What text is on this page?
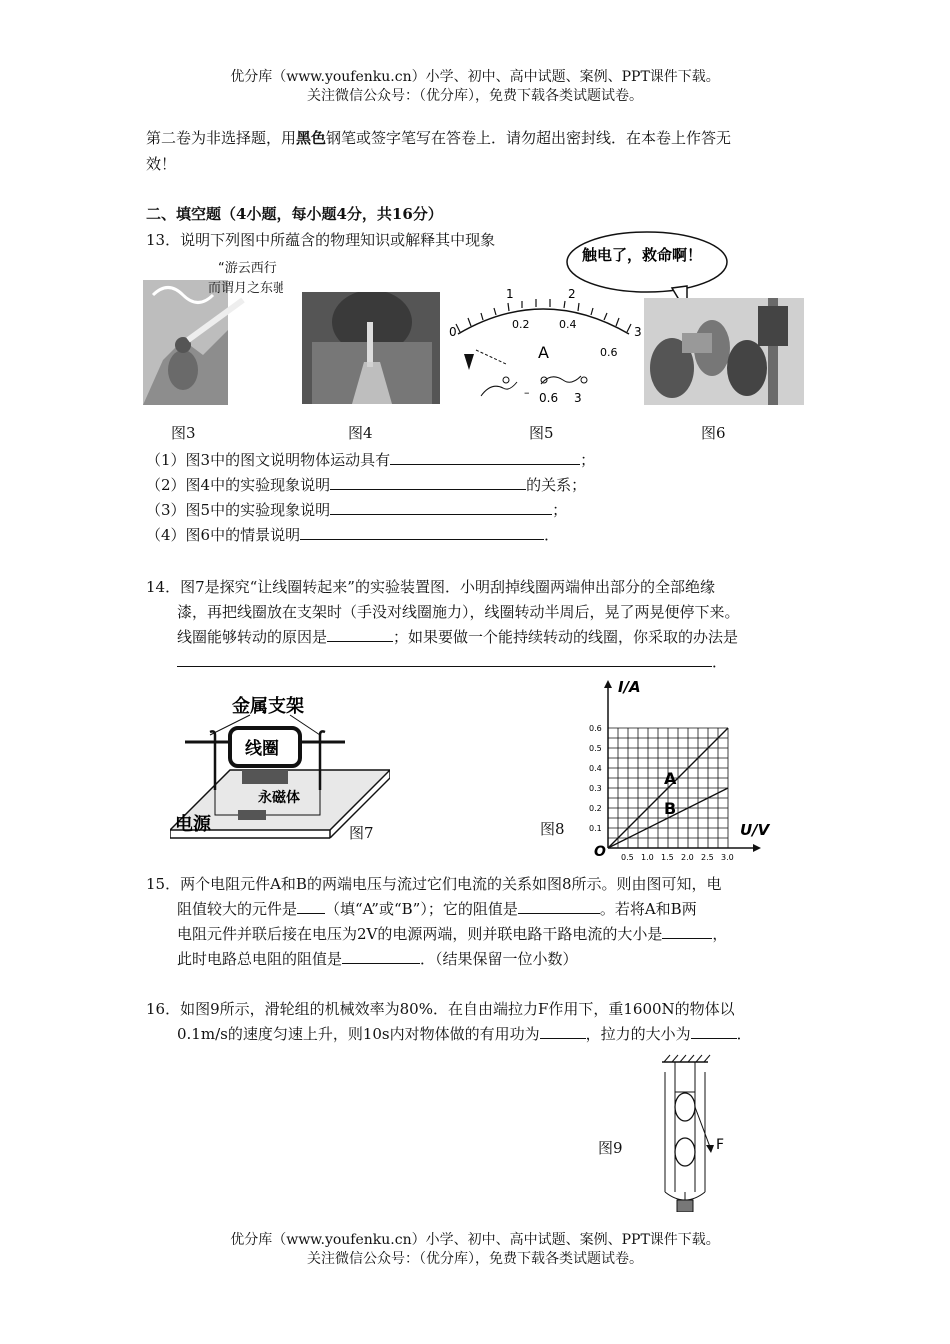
优分库（www.youfenku.cn）小学、初中、高中试题、案例、PPT课件下载。
关注微信公众号：（优分库），免费下载各类试题试卷。
第二卷为非选择题，用黑色钢笔或签字笔写在答卷上．请勿超出密封线．在本卷上作答无
效！
二、填空题（4小题，每小题4分，共16分）
13．说明下列图中所蕴含的物理知识或解释其中现象
“游云西行
而谓月之东驰
0
1
0.2	0.4
2
3
0.6
A
– 0.6 3
触电了，救命啊！
图3	图4	图5	图6
（1）图3中的图文说明物体运动具有	；
（2）图4中的实验现象说明	的关系；
（3）图5中的实验现象说明	；
（4）图6中的情景说明	．
14．图7是探究“让线圈转起来”的实验装置图．小明刮掉线圈两端伸出部分的全部绝缘
漆，再把线圈放在支架时（手没对线圈施力），线圈转动半周后，晃了两晃便停下来。
线圈能够转动的原因是	；如果要做一个能持续转动的线圈，你采取的办法是
．
线圈
金属支架
永磁体
电源	图7	图8
0.5 1.0 1.5 2.0 2.5 3.0
0.1
0.2
0.3
0.4
0.5
0.6
A
B
I/A
U/V
O
15．两个电阻元件A和B的两端电压与流过它们电流的关系如图8所示。则由图可知，电
阻值较大的元件是 （填“A”或“B”）；它的阻值是	。若将A和B两
电阻元件并联后接在电压为2V的电源两端，则并联电路干路电流的大小是	，
此时电路总电阻的阻值是	．（结果保留一位小数）
16．如图9所示，滑轮组的机械效率为80%．在自由端拉力F作用下，重1600N的物体以
0.1m/s的速度匀速上升，则10s内对物体做的有用功为	，拉力的大小为	．
图9	F
优分库（www.youfenku.cn）小学、初中、高中试题、案例、PPT课件下载。
关注微信公众号：（优分库），免费下载各类试题试卷。
